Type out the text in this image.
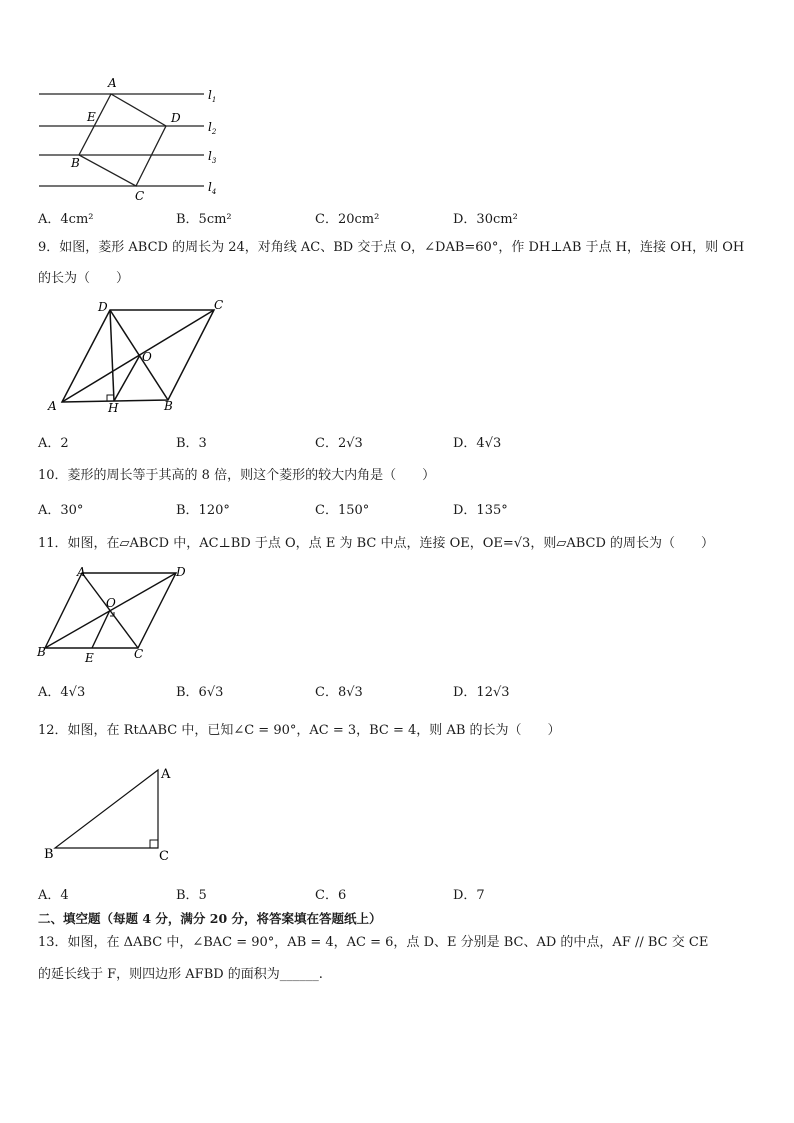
A
E	D
B
C
$l_1$
$l_2$
$l_3$
$l_4$
A．4cm²	B．5cm²	C．20cm²	D．30cm²
9．如图，菱形 ABCD 的周长为 24，对角线 AC、BD 交于点 O，∠DAB=60°，作 DH⊥AB 于点 H，连接 OH，则 OH
的长为（　　）
D	C
O
A	H	B
A．2	B．3	C．2√3	D．4√3
10．菱形的周长等于其高的 8 倍，则这个菱形的较大内角是（　　）
A．30°	B．120°	C．150°	D．135°
11．如图，在▱ABCD 中，AC⊥BD 于点 O，点 E 为 BC 中点，连接 OE，OE=√3，则▱ABCD 的周长为（　　）
A	D
O
B	E	C
A．4√3	B．6√3	C．8√3	D．12√3
12．如图，在 RtΔABC 中，已知∠C = 90°，AC = 3，BC = 4，则 AB 的长为（　　）
A
B	C
A．4	B．5	C．6	D．7
二、填空题（每题 4 分，满分 20 分，将答案填在答题纸上）
13．如图，在 ΔABC 中，∠BAC = 90°，AB = 4，AC = 6，点 D、E 分别是 BC、AD 的中点，AF // BC 交 CE
的延长线于 F，则四边形 AFBD 的面积为______.
